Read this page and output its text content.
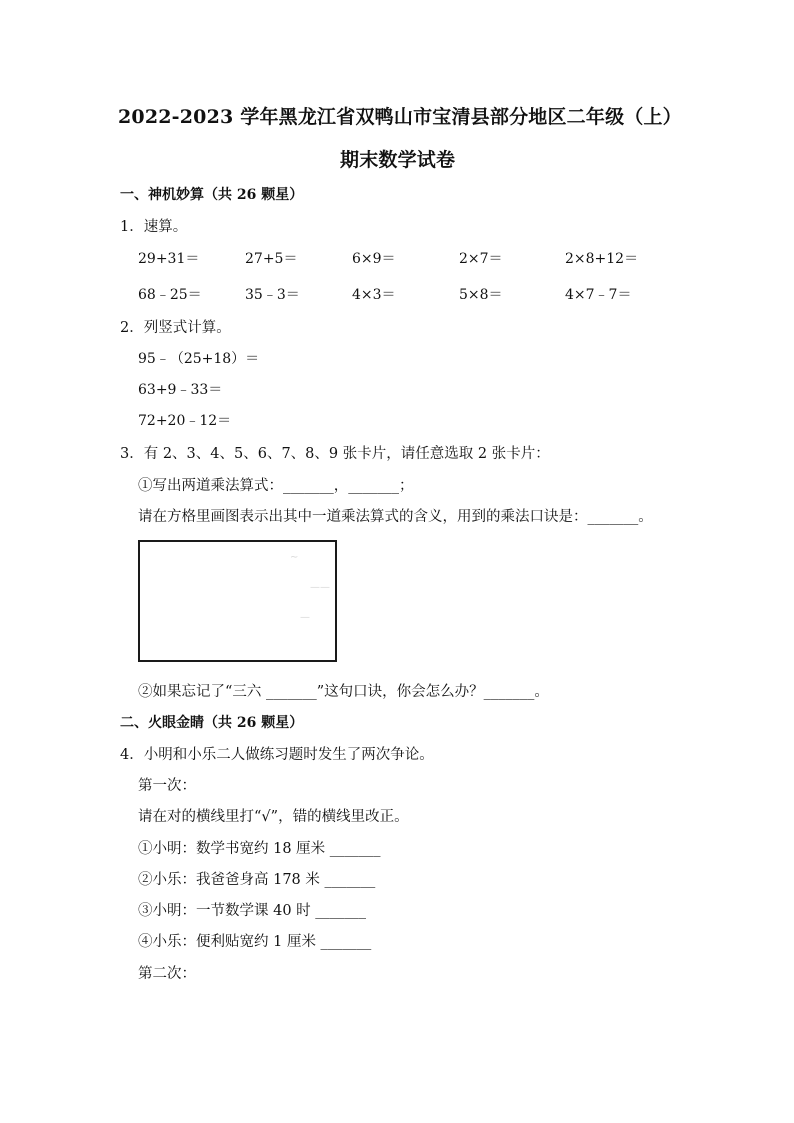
2022-2023 学年黑龙江省双鸭山市宝清县部分地区二年级（上）
期末数学试卷
一、神机妙算（共 26 颗星）
1．速算。
29+31＝	27+5＝	6×9＝	2×7＝	2×8+12＝
68﹣25＝	35﹣3＝	4×3＝	5×8＝	4×7﹣7＝
2．列竖式计算。
95﹣（25+18）＝
63+9﹣33＝
72+20﹣12＝
3．有 2、3、4、5、6、7、8、9 张卡片，请任意选取 2 张卡片：
①写出两道乘法算式：_______，_______；
请在方格里画图表示出其中一道乘法算式的含义，用到的乘法口诀是：_______。
∼
——
—
②如果忘记了“三六 _______”这句口诀，你会怎么办？_______。
二、火眼金睛（共 26 颗星）
4．小明和小乐二人做练习题时发生了两次争论。
第一次：
请在对的横线里打“√”，错的横线里改正。
①小明：数学书宽约 18 厘米 _______
②小乐：我爸爸身高 178 米 _______
③小明：一节数学课 40 时 _______
④小乐：便利贴宽约 1 厘米 _______
第二次：
